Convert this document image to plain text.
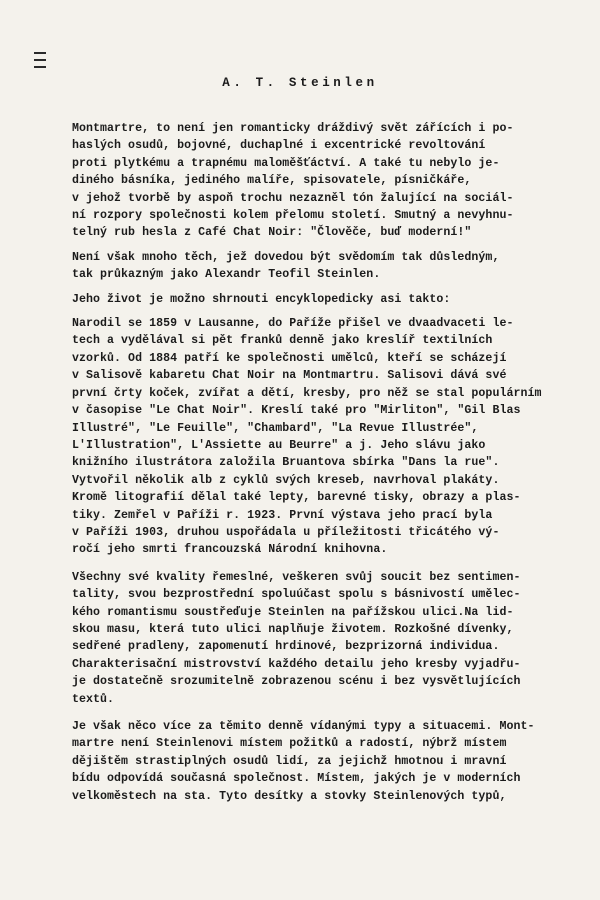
A. T. Steinlen
Montmartre, to není jen romanticky dráždivý svět zářících i po-
haslých osudů, bojovné, duchaplné i excentrické revoltování
proti plytkému a trapnému maloměšťáctví. A také tu nebylo je-
diného básníka, jediného malíře, spisovatele, písničkáře,
v jehož tvorbě by aspoň trochu nezazněl tón žalující na sociál-
ní rozpory společnosti kolem přelomu století. Smutný a nevyhnu-
telný rub hesla z Café Chat Noir: "Člověče, buď moderní!"
Není však mnoho těch, jež dovedou být svědomím tak důsledným,
tak průkazným jako Alexandr Teofil Steinlen.
Jeho život je možno shrnouti encyklopedicky asi takto:
Narodil se 1859 v Lausanne, do Paříže přišel ve dvaadvaceti le-
tech a vydělával si pět franků denně jako kreslíř textilních
vzorků. Od 1884 patří ke společnosti umělců, kteří se scházejí
v Salisově kabaretu Chat Noir na Montmartru. Salisovi dává své
první črty koček, zvířat a dětí, kresby, pro něž se stal populárním
v časopise "Le Chat Noir". Kreslí také pro "Mirliton", "Gil Blas
Illustré", "Le Feuille", "Chambard", "La Revue Illustrée",
L'Illustration", L'Assiette au Beurre" a j. Jeho slávu jako
knižního ilustrátora založila Bruantova sbírka "Dans la rue".
Vytvořil několik alb z cyklů svých kreseb, navrhoval plakáty.
Kromě litografií dělal také lepty, barevné tisky, obrazy a plas-
tiky. Zemřel v Paříži r. 1923. První výstava jeho prací byla
v Paříži 1903, druhou uspořádala u příležitosti třicátého vý-
ročí jeho smrti francouzská Národní knihovna.
Všechny své kvality řemeslné, veškeren svůj soucit bez sentimen-
tality, svou bezprostřední spoluúčast spolu s básnivostí umělec-
kého romantismu soustřeďuje Steinlen na pařížskou ulici.Na lid-
skou masu, která tuto ulici naplňuje životem. Rozkošné dívenky,
sedřené pradleny, zapomenutí hrdinové, bezprizorná individua.
Charakterisační mistrovství každého detailu jeho kresby vyjadřu-
je dostatečně srozumitelně zobrazenou scénu i bez vysvětlujících
textů.
Je však něco více za těmito denně vídanými typy a situacemi. Mont-
martre není Steinlenovi místem požitků a radostí, nýbrž místem
dějištěm strastiplných osudů lidí, za jejichž hmotnou i mravní
bídu odpovídá současná společnost. Místem, jakých je v moderních
velkoměstech na sta. Tyto desítky a stovky Steinlenových typů,
